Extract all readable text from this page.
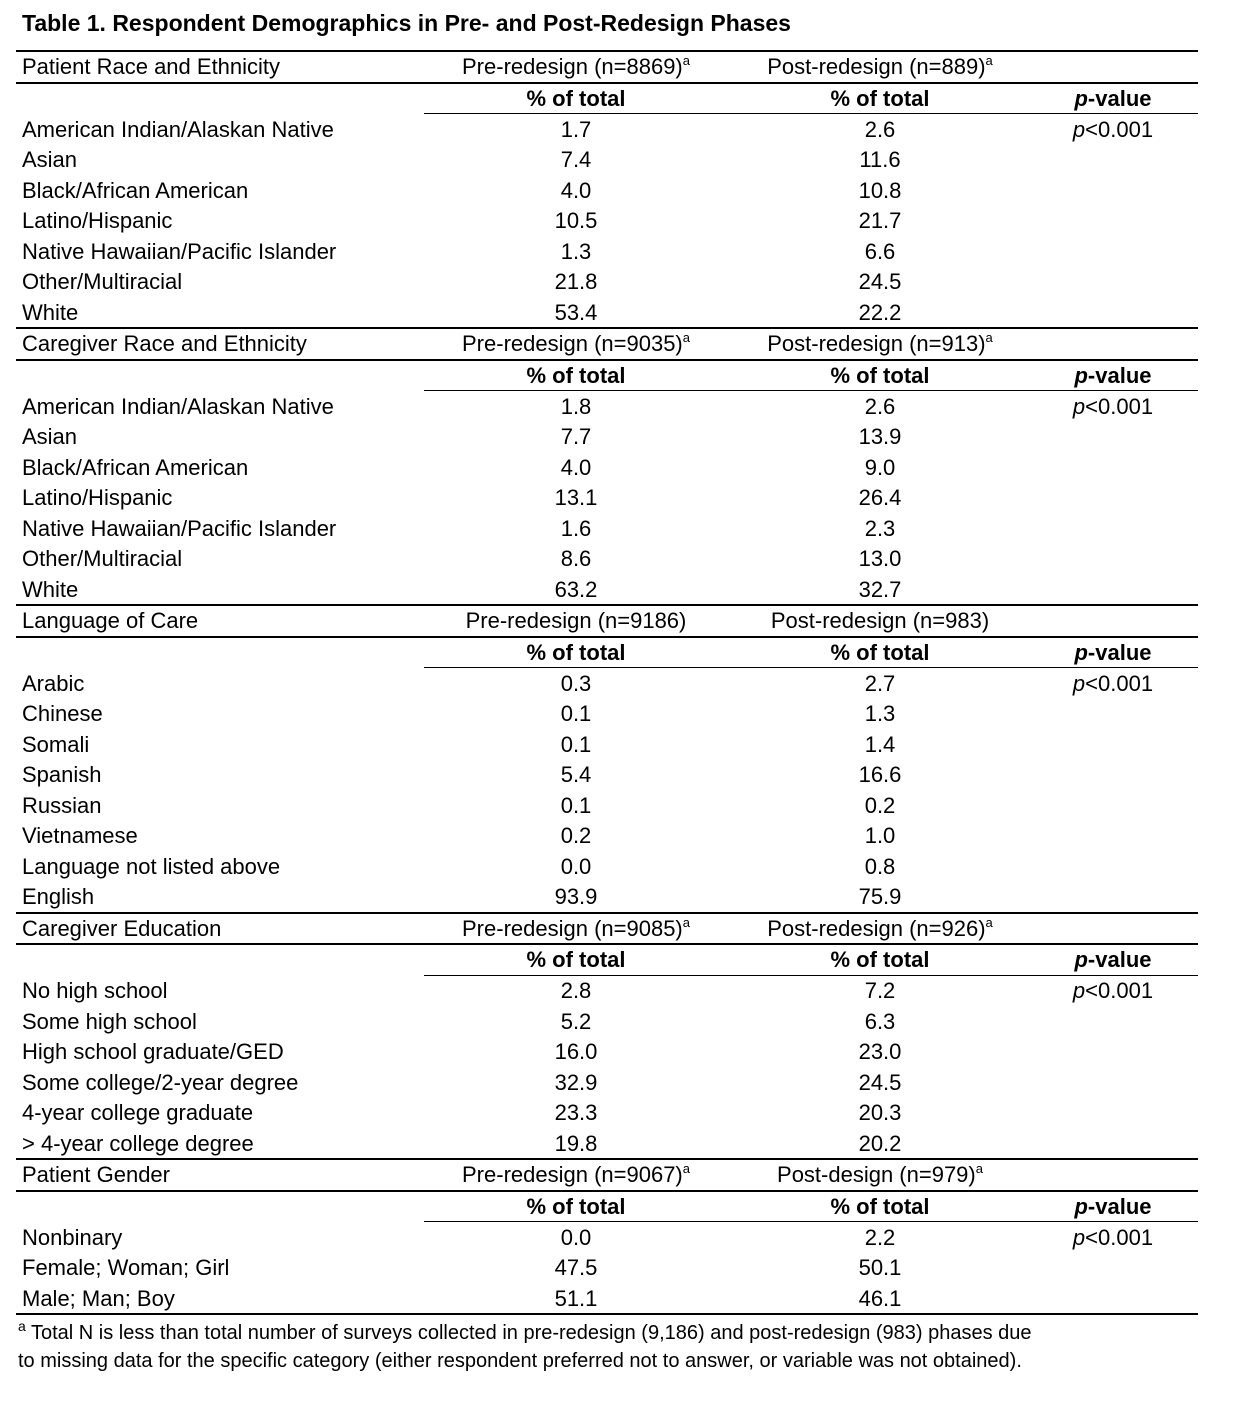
Table 1. Respondent Demographics in Pre- and Post-Redesign Phases
$^a$ Total N is less than total number of surveys collected in pre-redesign (9,186) and post-redesign (983) phases due
to missing data for the specific category (either respondent preferred not to answer, or variable was not obtained).
Patient Race and Ethnicity	Pre-redesign (n=8869)$^a$	Post-redesign (n=889)$^a$
% of total	% of total	p-value
American Indian/Alaskan Native	1.7	2.6	p<0.001
Asian	7.4	11.6
Black/African American	4.0	10.8
Latino/Hispanic	10.5	21.7
Native Hawaiian/Pacific Islander	1.3	6.6
Other/Multiracial	21.8	24.5
White	53.4	22.2
Caregiver Race and Ethnicity	Pre-redesign (n=9035)$^a$	Post-redesign (n=913)$^a$
% of total	% of total	p-value
American Indian/Alaskan Native	1.8	2.6	p<0.001
Asian	7.7	13.9
Black/African American	4.0	9.0
Latino/Hispanic	13.1	26.4
Native Hawaiian/Pacific Islander	1.6	2.3
Other/Multiracial	8.6	13.0
White	63.2	32.7
Language of Care	Pre-redesign (n=9186)	Post-redesign (n=983)
% of total	% of total	p-value
Arabic	0.3	2.7	p<0.001
Chinese	0.1	1.3
Somali	0.1	1.4
Spanish	5.4	16.6
Russian	0.1	0.2
Vietnamese	0.2	1.0
Language not listed above	0.0	0.8
English	93.9	75.9
Caregiver Education	Pre-redesign (n=9085)$^a$	Post-redesign (n=926)$^a$
% of total	% of total	p-value
No high school	2.8	7.2	p<0.001
Some high school	5.2	6.3
High school graduate/GED	16.0	23.0
Some college/2-year degree	32.9	24.5
4-year college graduate	23.3	20.3
> 4-year college degree	19.8	20.2
Patient Gender	Pre-redesign (n=9067)$^a$	Post-design (n=979)$^a$
% of total	% of total	p-value
Nonbinary	0.0	2.2	p<0.001
Female; Woman; Girl	47.5	50.1
Male; Man; Boy	51.1	46.1
